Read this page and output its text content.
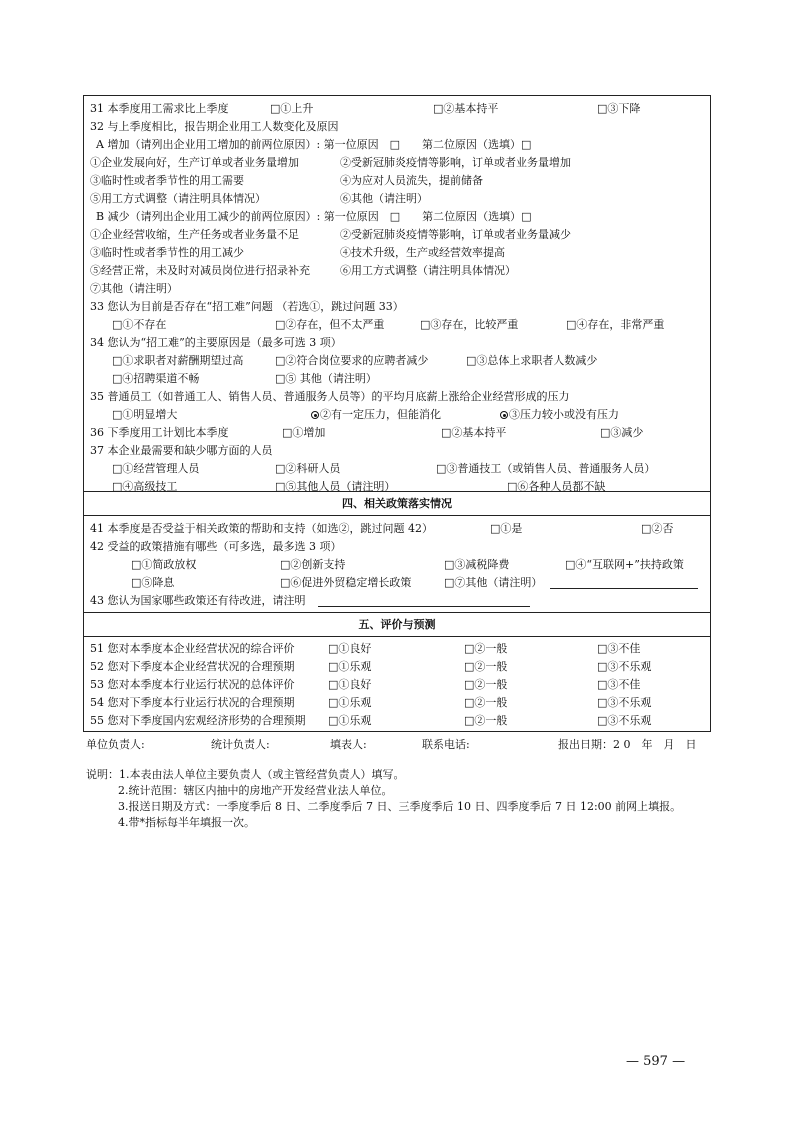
31 本季度用工需求比上季度	□①上升	□②基本持平	□③下降
32 与上季度相比，报告期企业用工人数变化及原因
A 增加（请列出企业用工增加的前两位原因）: 第一位原因　□　　第二位原因（选填）□
①企业发展向好，生产订单或者业务量增加	②受新冠肺炎疫情等影响，订单或者业务量增加
③临时性或者季节性的用工需要	④为应对人员流失，提前储备
⑤用工方式调整（请注明具体情况）	⑥其他（请注明）
B 减少（请列出企业用工减少的前两位原因）: 第一位原因　□　　第二位原因（选填）□
①企业经营收缩，生产任务或者业务量不足	②受新冠肺炎疫情等影响，订单或者业务量减少
③临时性或者季节性的用工减少	④技术升级，生产或经营效率提高
⑤经营正常，未及时对减员岗位进行招录补充	⑥用工方式调整（请注明具体情况）
⑦其他（请注明）
33 您认为目前是否存在“招工难”问题 （若选①，跳过问题 33）
□①不存在	□②存在，但不太严重	□③存在，比较严重	□④存在，非常严重
34 您认为“招工难”的主要原因是（最多可选 3 项）
□①求职者对薪酬期望过高	□②符合岗位要求的应聘者减少	□③总体上求职者人数减少
□④招聘渠道不畅	□⑤ 其他（请注明）
35 普通员工（如普通工人、销售人员、普通服务人员等）的平均月底薪上涨给企业经营形成的压力
□①明显增大	②有一定压力，但能消化	③压力较小或没有压力
36 下季度用工计划比本季度	□①增加	□②基本持平	□③减少
37 本企业最需要和缺少哪方面的人员
□①经营管理人员	□②科研人员	□③普通技工（或销售人员、普通服务人员）
□④高级技工	□⑤其他人员（请注明）	□⑥各种人员都不缺
四、相关政策落实情况
41 本季度是否受益于相关政策的帮助和支持（如选②，跳过问题 42）	□①是	□②否
42 受益的政策措施有哪些（可多选，最多选 3 项）
□①简政放权	□②创新支持	□③减税降费	□④“互联网+”扶持政策
□⑤降息	□⑥促进外贸稳定增长政策	□⑦其他（请注明）
43 您认为国家哪些政策还有待改进，请注明
五、评价与预测
51 您对本季度本企业经营状况的综合评价	□①良好	□②一般	□③不佳
52 您对下季度本企业经营状况的合理预期	□①乐观	□②一般	□③不乐观
53 您对本季度本行业运行状况的总体评价	□①良好	□②一般	□③不佳
54 您对下季度本行业运行状况的合理预期	□①乐观	□②一般	□③不乐观
55 您对下季度国内宏观经济形势的合理预期 □①乐观	□②一般	□③不乐观
单位负责人:	统计负责人:	填表人:	联系电话:	报出日期：2 0　年　月　日
说明：1.本表由法人单位主要负责人（或主管经营负责人）填写。
2.统计范围：辖区内抽中的房地产开发经营业法人单位。
3.报送日期及方式：一季度季后 8 日、二季度季后 7 日、三季度季后 10 日、四季度季后 7 日 12:00 前网上填报。
4.带*指标每半年填报一次。
— 597 —
